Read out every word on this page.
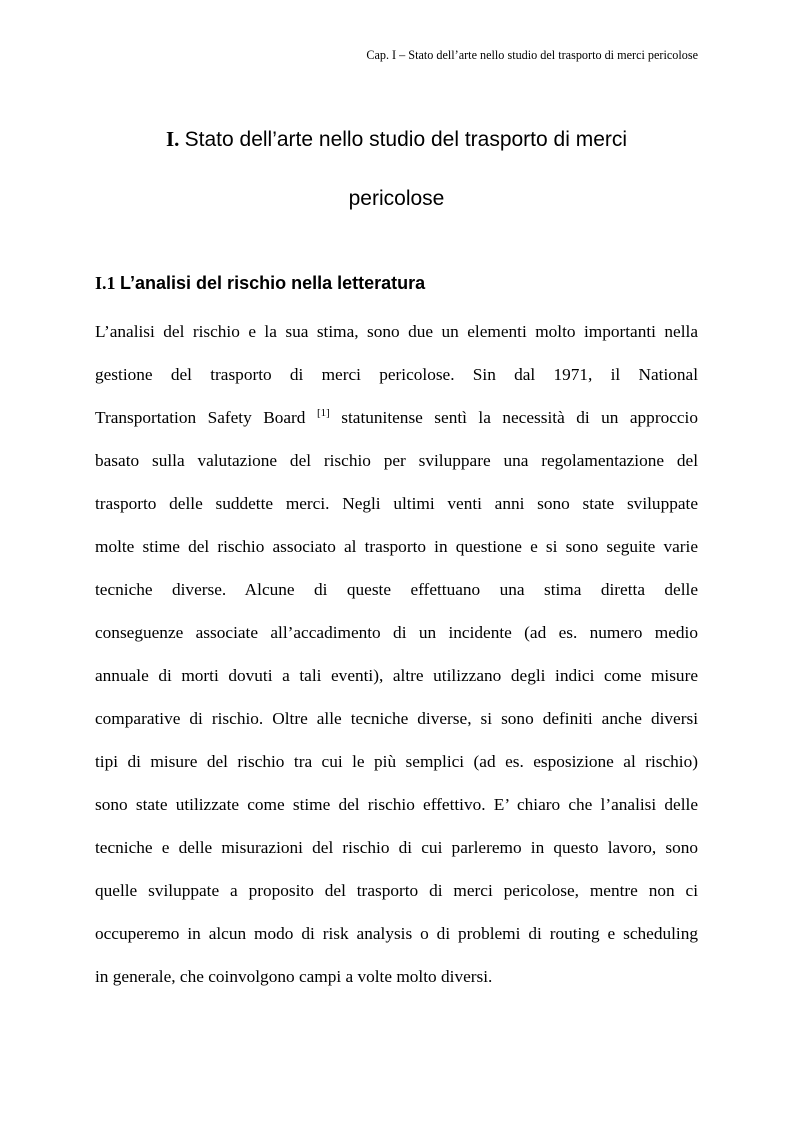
Cap. I – Stato dell’arte nello studio del trasporto di merci pericolose
I. Stato dell’arte nello studio del trasporto di merci
pericolose
I.1 L’analisi del rischio nella letteratura
L’analisi del rischio e la sua stima, sono due un elementi molto importanti nella
gestione del trasporto di merci pericolose. Sin dal 1971, il National
Transportation Safety Board [1] statunitense sentì la necessità di un approccio
basato sulla valutazione del rischio per sviluppare una regolamentazione del
trasporto delle suddette merci. Negli ultimi venti anni sono state sviluppate
molte stime del rischio associato al trasporto in questione e si sono seguite varie
tecniche diverse. Alcune di queste effettuano una stima diretta delle
conseguenze associate all’accadimento di un incidente (ad es. numero medio
annuale di morti dovuti a tali eventi), altre utilizzano degli indici come misure
comparative di rischio. Oltre alle tecniche diverse, si sono definiti anche diversi
tipi di misure del rischio tra cui le più semplici (ad es. esposizione al rischio)
sono state utilizzate come stime del rischio effettivo. E’ chiaro che l’analisi delle
tecniche e delle misurazioni del rischio di cui parleremo in questo lavoro, sono
quelle sviluppate a proposito del trasporto di merci pericolose, mentre non ci
occuperemo in alcun modo di risk analysis o di problemi di routing e scheduling
in generale, che coinvolgono campi a volte molto diversi.
